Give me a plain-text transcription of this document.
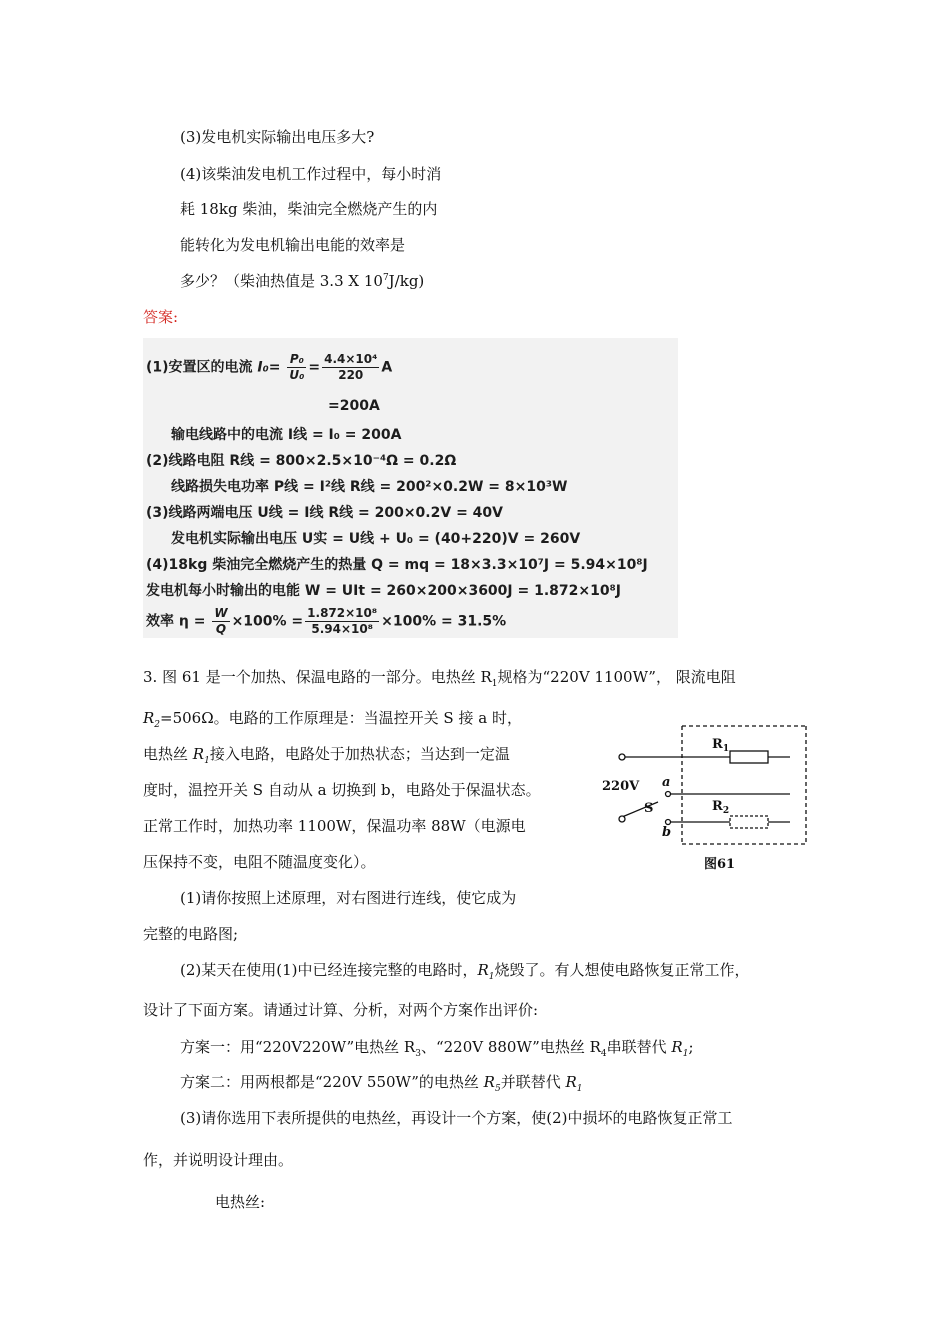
(3)发电机实际输出电压多大?
(4)该柴油发电机工作过程中，每小时消
耗 18kg 柴油，柴油完全燃烧产生的内
能转化为发电机输出电能的效率是
多少？（柴油热值是 3.3 X $10^7J/kg$)
答案:
(1)安置区的电流 $I_0= \frac{\text{P₀}}{\text{U₀}} = \frac{\text{4.4×10⁴}}{220}$ A
=200A
输电线路中的电流 I线 = I₀ = 200A
(2)线路电阻 R线 = 800×2.5×10⁻⁴Ω = 0.2Ω
线路损失电功率 P线 = I²线 R线 = 200²×0.2W = 8×10³W
(3)线路两端电压 U线 = I线 R线 = 200×0.2V = 40V
发电机实际输出电压 U实 = U线 + U₀ = (40+220)V = 260V
(4)18kg 柴油完全燃烧产生的热量 Q = mq = 18×3.3×10⁷J = 5.94×10⁸J
发电机每小时输出的电能 W = UIt = 260×200×3600J = 1.872×10⁸J
效率 $\eta = \frac{W}{Q} \times 100\% = \frac{\text{1.872×10⁸}}{\text{5.94×10⁸}} \times 100\% = 31.5\%$
3. 图 61 是一个加热、保温电路的一部分。电热丝 $R_1$规格为“220V 1100W”， 限流电阻
$R_2=506\Omega$。电路的工作原理是：当温控开关 S 接 a 时，
电热丝 $R_1$接入电路，电路处于加热状态；当达到一定温
度时，温控开关 S 自动从 a 切换到 b，电路处于保温状态。
正常工作时，加热功率 1100W，保温功率 88W（电源电
压保持不变，电阻不随温度变化）。
(1)请你按照上述原理，对右图进行连线，使它成为
完整的电路图;
(2)某天在使用(1)中已经连接完整的电路时，$R_1$烧毁了。有人想使电路恢复正常工作，
设计了下面方案。请通过计算、分析，对两个方案作出评价:
方案一：用“220V220W”电热丝 $R_3$、“220V 880W”电热丝 $R_4$串联替代 $R_1$;
方案二：用两根都是“220V 550W”的电热丝 $R_5$并联替代 $R_1$
(3)请你选用下表所提供的电热丝，再设计一个方案，使(2)中损坏的电路恢复正常工
作，并说明设计理由。
电热丝:
220V
S
a
b
$R_1$
$R_2$
图61
